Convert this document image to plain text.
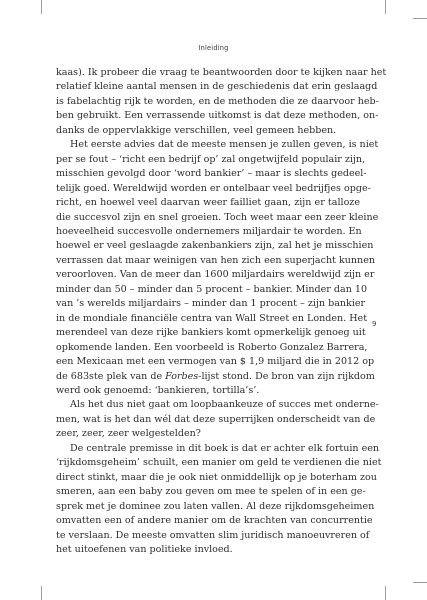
Inleiding
9
kaas). Ik probeer die vraag te beantwoorden door te kijken naar het
relatief kleine aantal mensen in de geschiedenis dat erin geslaagd
is fabelachtig rijk te worden, en de methoden die ze daarvoor heb-
ben gebruikt. Een verrassende uitkomst is dat deze methoden, on-
danks de oppervlakkige verschillen, veel gemeen hebben.
Het eerste advies dat de meeste mensen je zullen geven, is niet
per se fout – ‘richt een bedrijf op’ zal ongetwijfeld populair zijn,
misschien gevolgd door ‘word bankier’ – maar is slechts gedeel-
telijk goed. Wereldwijd worden er ontelbaar veel bedrijfjes opge-
richt, en hoewel veel daarvan weer failliet gaan, zijn er talloze
die succesvol zijn en snel groeien. Toch weet maar een zeer kleine
hoeveelheid succesvolle ondernemers miljardair te worden. En
hoewel er veel geslaagde zakenbankiers zijn, zal het je misschien
verrassen dat maar weinigen van hen zich een superjacht kunnen
veroorloven. Van de meer dan 1600 miljardairs wereldwijd zijn er
minder dan 50 – minder dan 5 procent – bankier. Minder dan 10
van ’s werelds miljardairs – minder dan 1 procent – zijn bankier
in de mondiale financiële centra van Wall Street en Londen. Het
merendeel van deze rijke bankiers komt opmerkelijk genoeg uit
opkomende landen. Een voorbeeld is Roberto Gonzalez Barrera,
een Mexicaan met een vermogen van $ 1,9 miljard die in 2012 op
de 683ste plek van de Forbes-lijst stond. De bron van zijn rijkdom
werd ook genoemd: ‘bankieren, tortilla’s’.
Als het dus niet gaat om loopbaankeuze of succes met onderne-
men, wat is het dan wél dat deze superrijken onderscheidt van de
zeer, zeer, zeer welgestelden?
De centrale premisse in dit boek is dat er achter elk fortuin een
‘rijkdomsgeheim’ schuilt, een manier om geld te verdienen die niet
direct stinkt, maar die je ook niet onmiddellijk op je boterham zou
smeren, aan een baby zou geven om mee te spelen of in een ge-
sprek met je dominee zou laten vallen. Al deze rijkdomsgeheimen
omvatten een of andere manier om de krachten van concurrentie
te verslaan. De meeste omvatten slim juridisch manoeuvreren of
het uitoefenen van politieke invloed.
